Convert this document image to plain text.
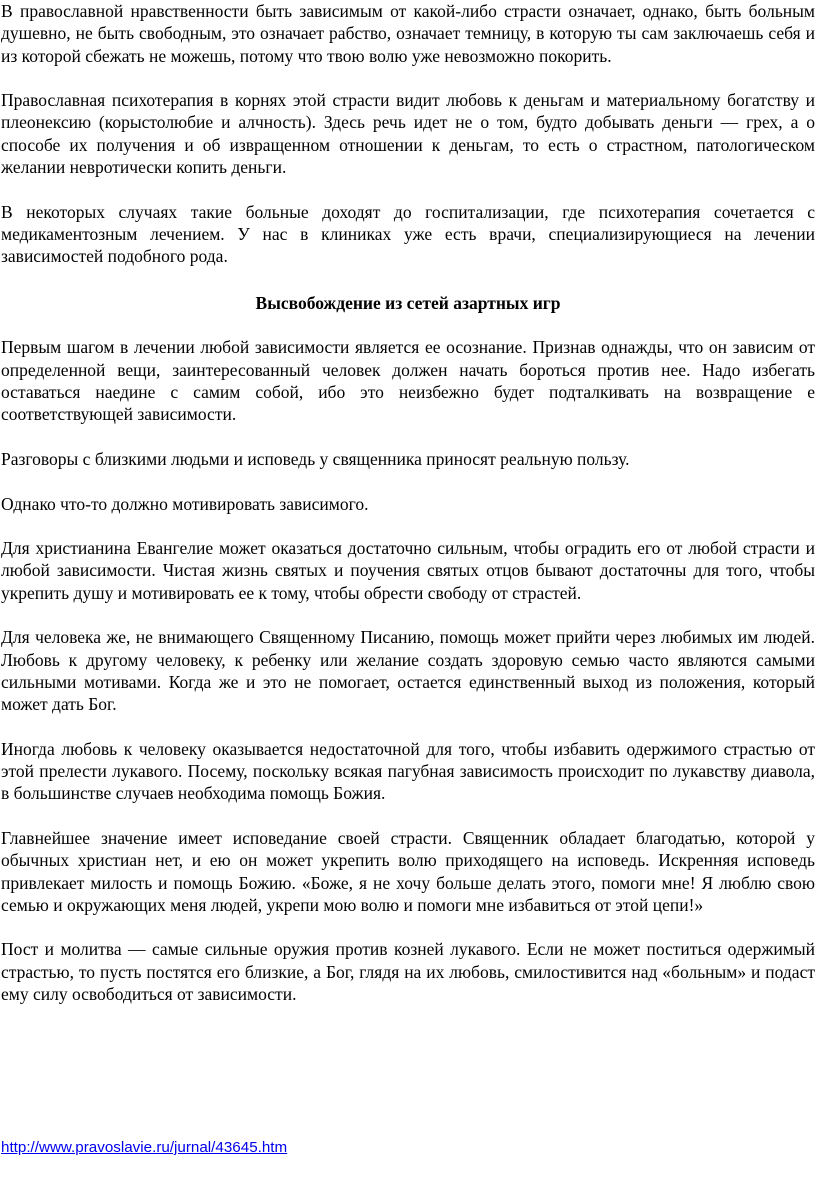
В православной нравственности быть зависимым от какой-либо страсти означает, однако, быть больным душевно, не быть свободным, это означает рабство, означает темницу, в которую ты сам заключаешь себя и из которой сбежать не можешь, потому что твою волю уже невозможно покорить.

Православная психотерапия в корнях этой страсти видит любовь к деньгам и материальному богатству и плеонексию (корыстолюбие и алчность). Здесь речь идет не о том, будто добывать деньги — грех, а о способе их получения и об извращенном отношении к деньгам, то есть о страстном, патологическом желании невротически копить деньги.

В некоторых случаях такие больные доходят до госпитализации, где психотерапия сочетается с медикаментозным лечением. У нас в клиниках уже есть врачи, специализирующиеся на лечении зависимостей подобного рода.

Высвобождение из сетей азартных игр

Первым шагом в лечении любой зависимости является ее осознание. Признав однажды, что он зависим от определенной вещи, заинтересованный человек должен начать бороться против нее. Надо избегать оставаться наедине с самим собой, ибо это неизбежно будет подталкивать на возвращение е соответствующей зависимости.

Разговоры с близкими людьми и исповедь у священника приносят реальную пользу.

Однако что-то должно мотивировать зависимого.

Для христианина Евангелие может оказаться достаточно сильным, чтобы оградить его от любой страсти и любой зависимости. Чистая жизнь святых и поучения святых отцов бывают достаточны для того, чтобы укрепить душу и мотивировать ее к тому, чтобы обрести свободу от страстей.

Для человека же, не внимающего Священному Писанию, помощь может прийти через любимых им людей. Любовь к другому человеку, к ребенку или желание создать здоровую семью часто являются самыми сильными мотивами. Когда же и это не помогает, остается единственный выход из положения, который может дать Бог.

Иногда любовь к человеку оказывается недостаточной для того, чтобы избавить одержимого страстью от этой прелести лукавого. Посему, поскольку всякая пагубная зависимость происходит по лукавству диавола, в большинстве случаев необходима помощь Божия.

Главнейшее значение имеет исповедание своей страсти. Священник обладает благодатью, которой у обычных христиан нет, и ею он может укрепить волю приходящего на исповедь. Искренняя исповедь привлекает милость и помощь Божию. «Боже, я не хочу больше делать этого, помоги мне! Я люблю свою семью и окружающих меня людей, укрепи мою волю и помоги мне избавиться от этой цепи!»

Пост и молитва — самые сильные оружия против козней лукавого. Если не может поститься одержимый страстью, то пусть постятся его близкие, а Бог, глядя на их любовь, смилостивится над «больным» и подаст ему силу освободиться от зависимости.

http://www.pravoslavie.ru/jurnal/43645.htm
